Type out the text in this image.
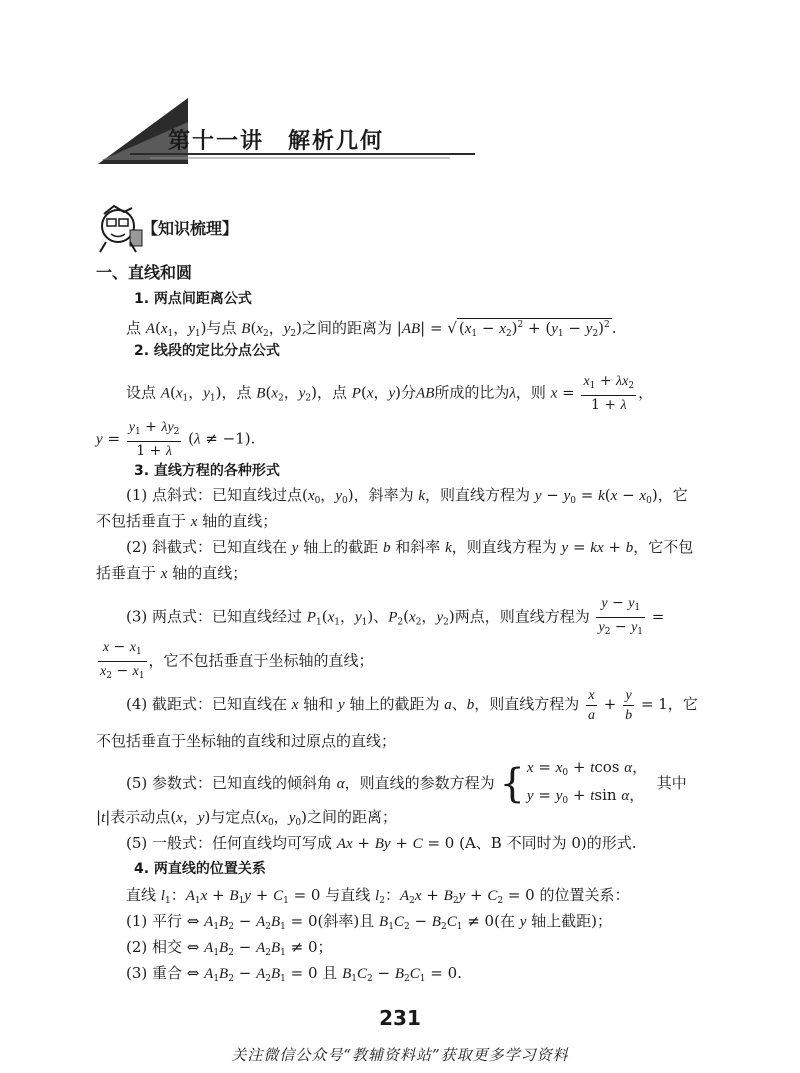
第十一讲　解析几何
【知识梳理】
一、直线和圆
1. 两点间距离公式
点 $A(x_1$，$y_1$)与点 $B(x_2$，$y_2$)之间的距离为 |AB| = √ $(x_1 - x_2)^2 + (y_1 - y_2)^2$ .
2. 线段的定比分点公式
设点 $A(x_1$，$y_1$)，点 $B(x_2$，$y_2$)，点 P(x，y)分AB所成的比为λ，则 $x = \frac{x_1 + \lambda x_2}{1 + \lambda}$ ，
$y = \frac{y_1 + \lambda y_2}{1 + \lambda} (\lambda \ne -1)$.
3. 直线方程的各种形式
(1) 点斜式：已知直线过点($x_0$，$y_0$)，斜率为 k，则直线方程为 $y - y_0 = k(x - x_0)$，它
不包括垂直于 x 轴的直线；
(2) 斜截式：已知直线在 y 轴上的截距 b 和斜率 k，则直线方程为 y = kx + b，它不包
括垂直于 x 轴的直线；
(3) 两点式：已知直线经过 $P_1(x_1$，$y_1$)、$P_2(x_2$，$y_2$)两点，则直线方程为 $\frac{y - y_1}{y_2 - y_1}$ =
$\frac{x - x_1}{x_2 - x_1}$ ，它不包括垂直于坐标轴的直线；
(4) 截距式：已知直线在 x 轴和 y 轴上的截距为 a、b，则直线方程为 $\frac{x}{a} + \frac{y}{b} = 1$，它
不包括垂直于坐标轴的直线和过原点的直线；
(5) 参数式：已知直线的倾斜角 α，则直线的参数方程为 { $x = x_0 + tcos$ α，
$y = y_0 + tsin$ α，
其中
|t|表示动点(x，y)与定点($x_0$，$y_0$)之间的距离；
(5) 一般式：任何直线均可写成 Ax + By + C = 0 (A、B 不同时为 0)的形式.
4. 两直线的位置关系
直线 $l_1$：$A_1x + B_1y + C_1 = 0$ 与直线 $l_2$：$A_2x + B_2y + C_2 = 0$ 的位置关系：
(1) 平行 ⇔ $A_1B_2 - A_2B_1 = 0$(斜率)且 $B_1C_2 - B_2C_1 \ne 0$(在 y 轴上截距)；
(2) 相交 ⇔ $A_1B_2 - A_2B_1 \ne 0$；
(3) 重合 ⇔ $A_1B_2 - A_2B_1 = 0$ 且 $B_1C_2 - B_2C_1 = 0$.
231
关注微信公众号“教辅资料站”获取更多学习资料
